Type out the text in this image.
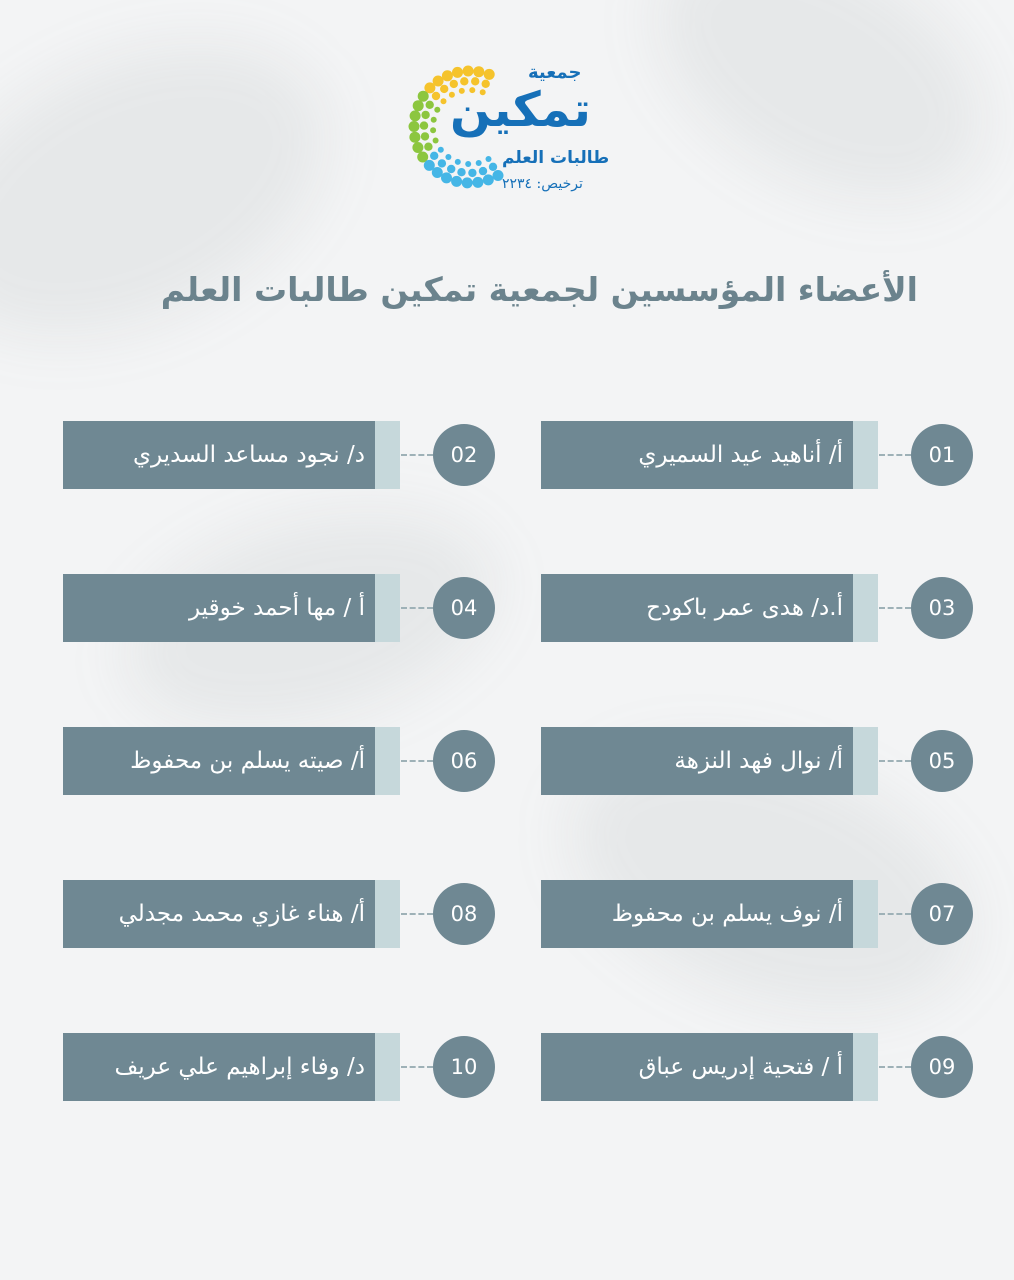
جمعية
تمكين
طالبات العلم
ترخيص: ٢٢٣٤
الأعضاء المؤسسين لجمعية تمكين طالبات العلم
أ/ أناهيد عيد السميري	01
د/ نجود مساعد السديري	02
أ.د/ هدى عمر باكودح	03
أ / مها أحمد خوقير	04
أ/ نوال فهد النزهة	05
أ/ صيته يسلم بن محفوظ	06
أ/ نوف يسلم بن محفوظ	07
أ/ هناء غازي محمد مجدلي	08
أ / فتحية إدريس عباق	09
د/ وفاء إبراهيم علي عريف	10
